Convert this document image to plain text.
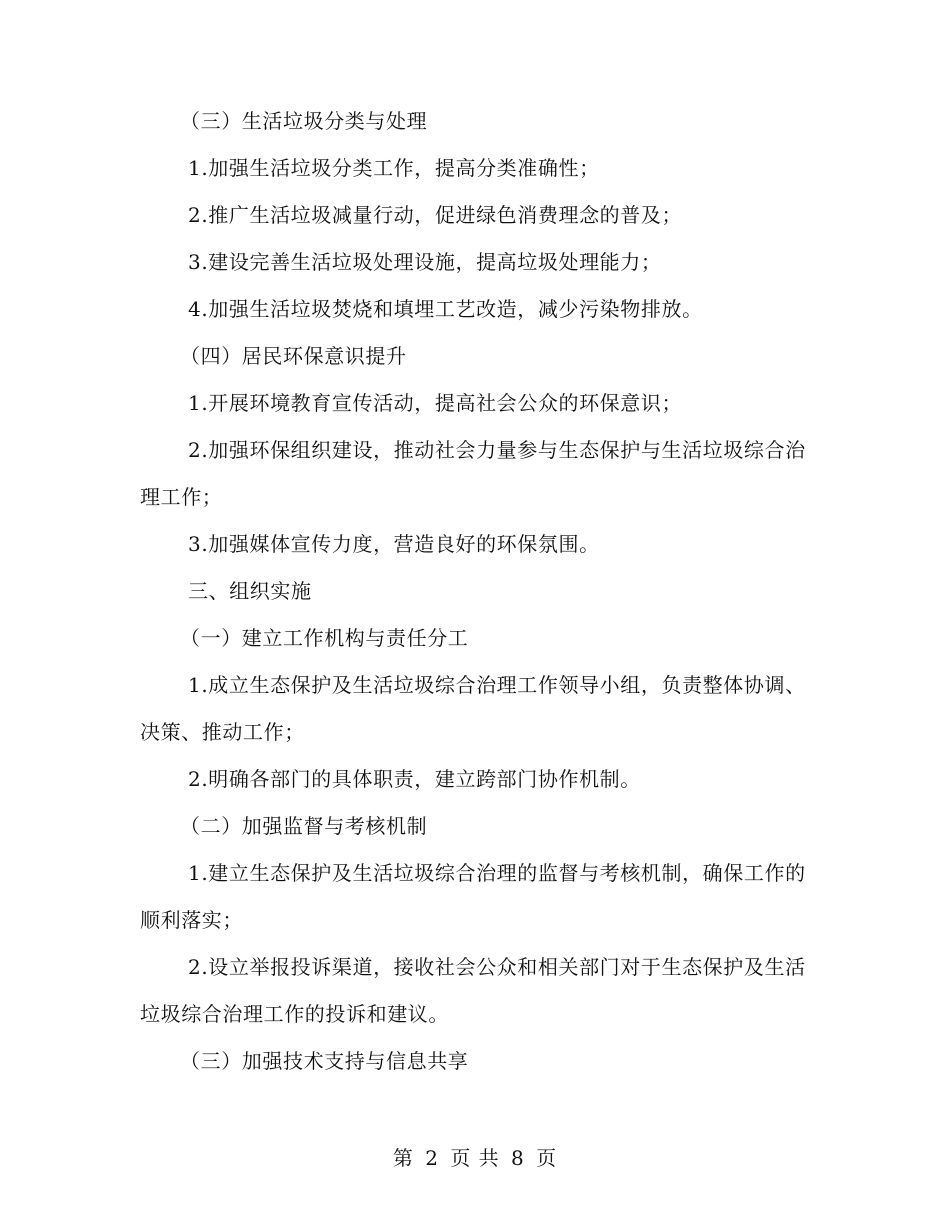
（三）生活垃圾分类与处理

1.加强生活垃圾分类工作，提高分类准确性；

2.推广生活垃圾减量行动，促进绿色消费理念的普及；

3.建设完善生活垃圾处理设施，提高垃圾处理能力；

4.加强生活垃圾焚烧和填埋工艺改造，减少污染物排放。

（四）居民环保意识提升

1.开展环境教育宣传活动，提高社会公众的环保意识；

2.加强环保组织建设，推动社会力量参与生态保护与生活垃圾综合治理工作；

3.加强媒体宣传力度，营造良好的环保氛围。

三、组织实施

（一）建立工作机构与责任分工

1.成立生态保护及生活垃圾综合治理工作领导小组，负责整体协调、决策、推动工作；

2.明确各部门的具体职责，建立跨部门协作机制。

（二）加强监督与考核机制

1.建立生态保护及生活垃圾综合治理的监督与考核机制，确保工作的顺利落实；

2.设立举报投诉渠道，接收社会公众和相关部门对于生态保护及生活垃圾综合治理工作的投诉和建议。

（三）加强技术支持与信息共享

第 2 页 共 8 页
